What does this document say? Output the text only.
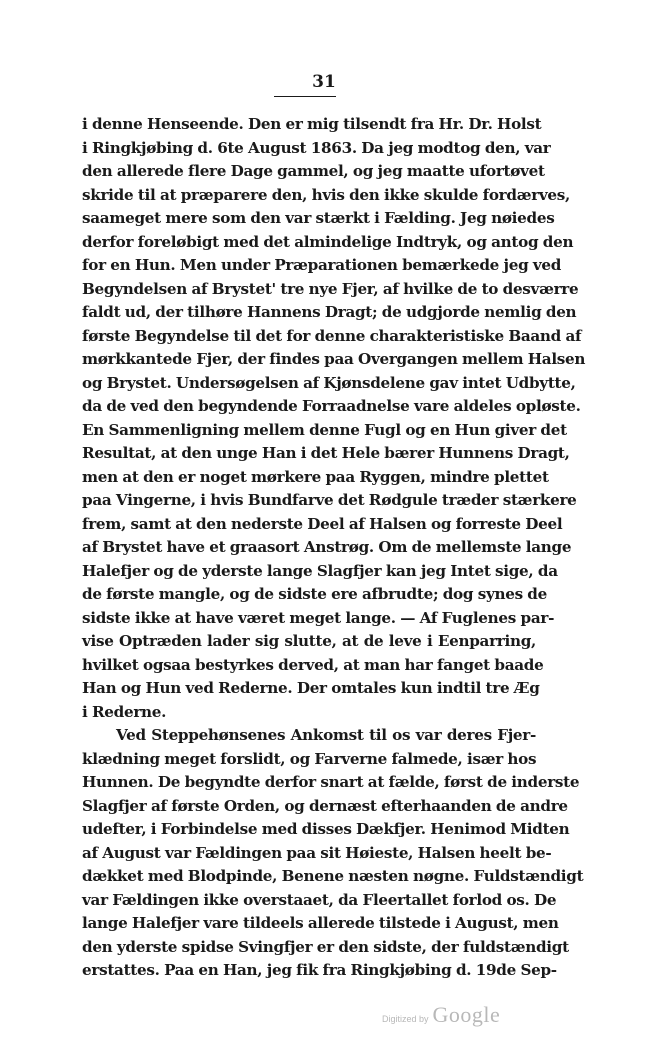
31
i denne Henseende. Den er mig tilsendt fra Hr. Dr. Holst
i Ringkjøbing d. 6te August 1863. Da jeg modtog den, var
den allerede flere Dage gammel, og jeg maatte ufortøvet
skride til at præparere den, hvis den ikke skulde fordærves,
saameget mere som den var stærkt i Fælding. Jeg nøiedes
derfor foreløbigt med det almindelige Indtryk, og antog den
for en Hun. Men under Præparationen bemærkede jeg ved
Begyndelsen af Brystet' tre nye Fjer, af hvilke de to desværre
faldt ud, der tilhøre Hannens Dragt; de udgjorde nemlig den
første Begyndelse til det for denne charakteristiske Baand af
mørkkantede Fjer, der findes paa Overgangen mellem Halsen
og Brystet. Undersøgelsen af Kjønsdelene gav intet Udbytte,
da de ved den begyndende Forraadnelse vare aldeles opløste.
En Sammenligning mellem denne Fugl og en Hun giver det
Resultat, at den unge Han i det Hele bærer Hunnens Dragt,
men at den er noget mørkere paa Ryggen, mindre plettet
paa Vingerne, i hvis Bundfarve det Rødgule træder stærkere
frem, samt at den nederste Deel af Halsen og forreste Deel
af Brystet have et graasort Anstrøg. Om de mellemste lange
Halefjer og de yderste lange Slagfjer kan jeg Intet sige, da
de første mangle, og de sidste ere afbrudte; dog synes de
sidste ikke at have været meget lange. — Af Fuglenes par-
vise Optræden lader sig slutte, at de leve i Eenparring,
hvilket ogsaa bestyrkes derved, at man har fanget baade
Han og Hun ved Rederne. Der omtales kun indtil tre Æg
i Rederne.
Ved Steppehønsenes Ankomst til os var deres Fjer-
klædning meget forslidt, og Farverne falmede, især hos
Hunnen. De begyndte derfor snart at fælde, først de inderste
Slagfjer af første Orden, og dernæst efterhaanden de andre
udefter, i Forbindelse med disses Dækfjer. Henimod Midten
af August var Fældingen paa sit Høieste, Halsen heelt be-
dækket med Blodpinde, Benene næsten nøgne. Fuldstændigt
var Fældingen ikke overstaaet, da Fleertallet forlod os. De
lange Halefjer vare tildeels allerede tilstede i August, men
den yderste spidse Svingfjer er den sidste, der fuldstændigt
erstattes. Paa en Han, jeg fik fra Ringkjøbing d. 19de Sep-
Digitized by Google
